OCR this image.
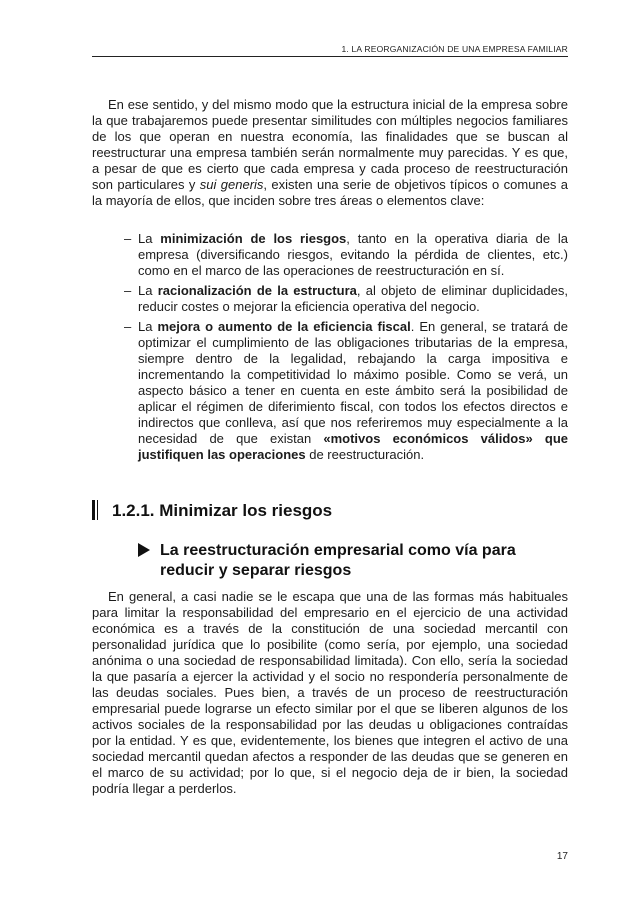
1. LA REORGANIZACIÓN DE UNA EMPRESA FAMILIAR

En ese sentido, y del mismo modo que la estructura inicial de la empresa sobre la que trabajaremos puede presentar similitudes con múltiples negocios familiares de los que operan en nuestra economía, las finalidades que se buscan al reestructurar una empresa también serán normalmente muy parecidas. Y es que, a pesar de que es cierto que cada empresa y cada proceso de reestructuración son particulares y sui generis, existen una serie de objetivos típicos o comunes a la mayoría de ellos, que inciden sobre tres áreas o elementos clave:

– La minimización de los riesgos, tanto en la operativa diaria de la empresa (diversificando riesgos, evitando la pérdida de clientes, etc.) como en el marco de las operaciones de reestructuración en sí.
– La racionalización de la estructura, al objeto de eliminar duplicidades, reducir costes o mejorar la eficiencia operativa del negocio.
– La mejora o aumento de la eficiencia fiscal. En general, se tratará de optimizar el cumplimiento de las obligaciones tributarias de la empresa, siempre dentro de la legalidad, rebajando la carga impositiva e incrementando la competitividad lo máximo posible. Como se verá, un aspecto básico a tener en cuenta en este ámbito será la posibilidad de aplicar el régimen de diferimiento fiscal, con todos los efectos directos e indirectos que conlleva, así que nos referiremos muy especialmente a la necesidad de que existan «motivos económicos válidos» que justifiquen las operaciones de reestructuración.
1.2.1. Minimizar los riesgos
La reestructuración empresarial como vía para reducir y separar riesgos

En general, a casi nadie se le escapa que una de las formas más habituales para limitar la responsabilidad del empresario en el ejercicio de una actividad económica es a través de la constitución de una sociedad mercantil con personalidad jurídica que lo posibilite (como sería, por ejemplo, una sociedad anónima o una sociedad de responsabilidad limitada). Con ello, sería la sociedad la que pasaría a ejercer la actividad y el socio no respondería personalmente de las deudas sociales. Pues bien, a través de un proceso de reestructuración empresarial puede lograrse un efecto similar por el que se liberen algunos de los activos sociales de la responsabilidad por las deudas u obligaciones contraídas por la entidad. Y es que, evidentemente, los bienes que integren el activo de una sociedad mercantil quedan afectos a responder de las deudas que se generen en el marco de su actividad; por lo que, si el negocio deja de ir bien, la sociedad podría llegar a perderlos.

17
